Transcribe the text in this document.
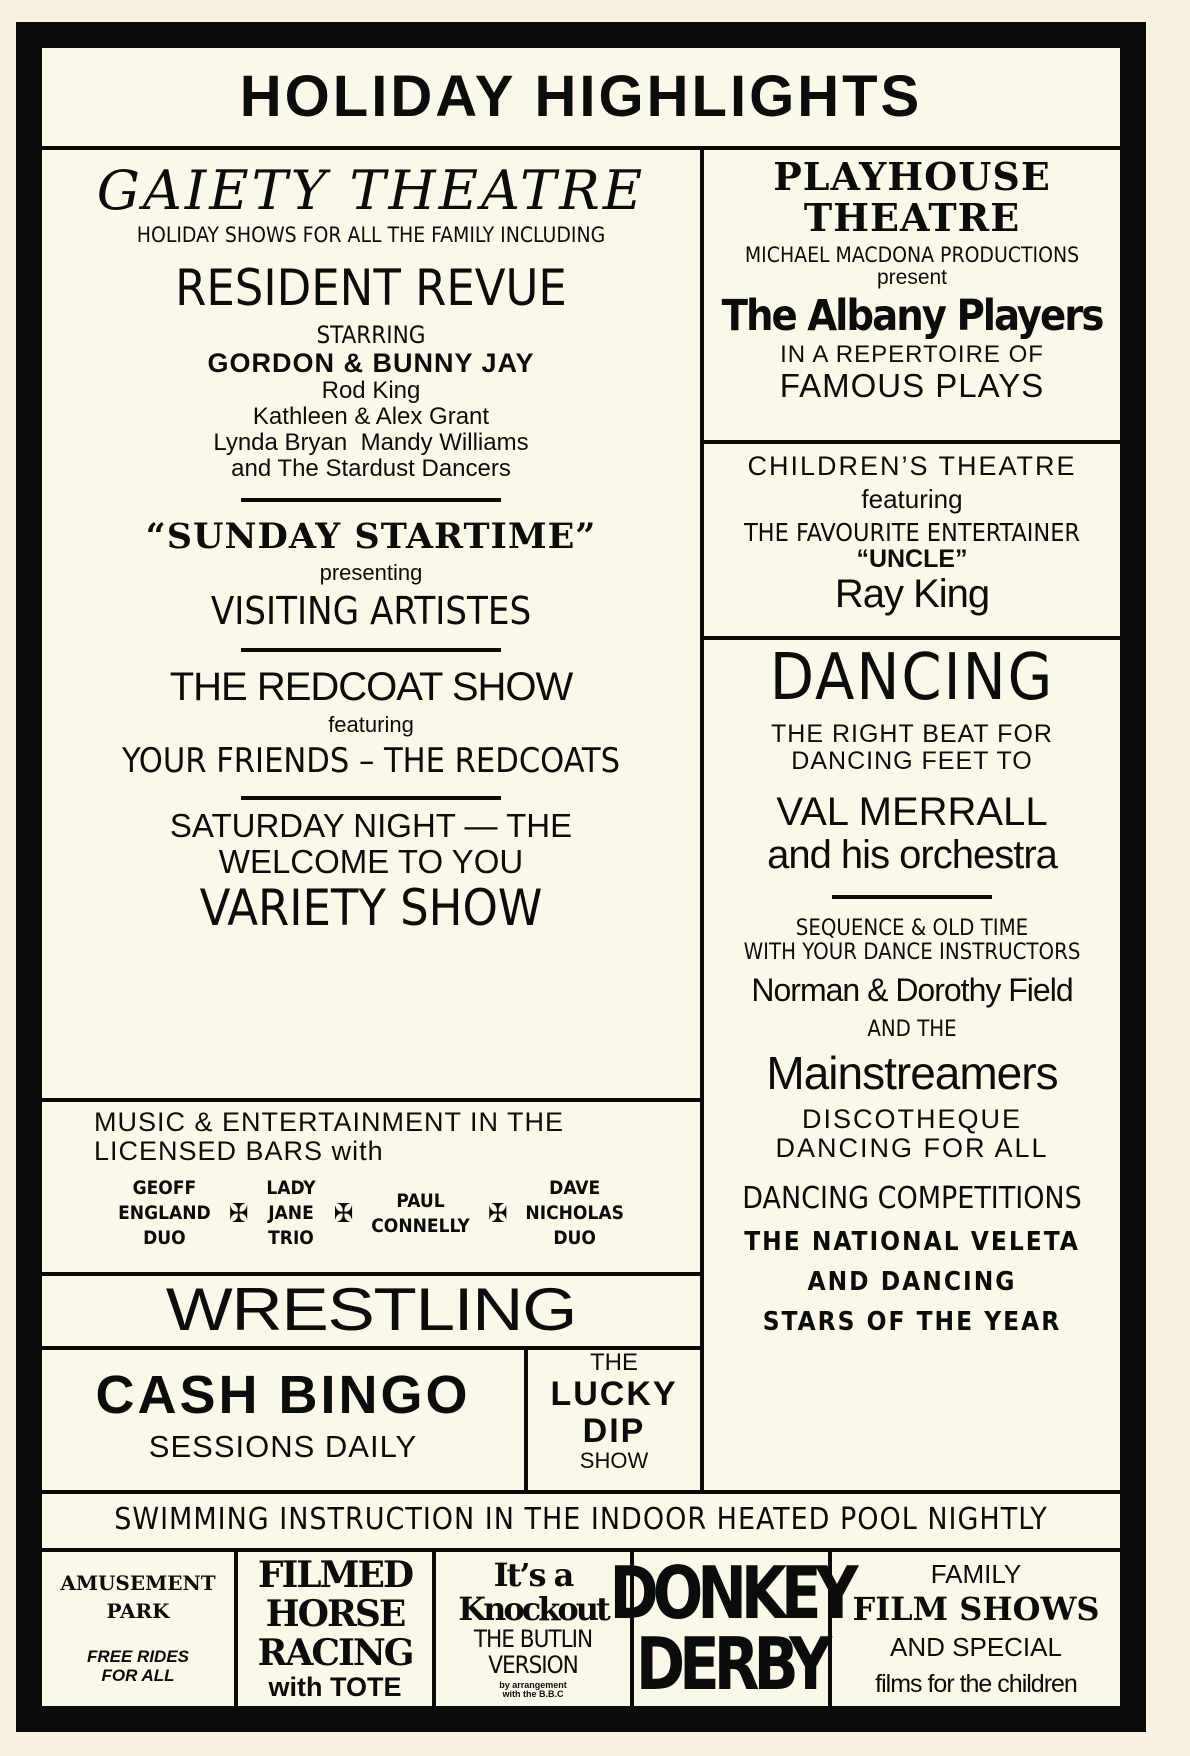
HOLIDAY HIGHLIGHTS
GAIETY THEATRE
HOLIDAY SHOWS FOR ALL THE FAMILY INCLUDING
RESIDENT REVUE
STARRING
GORDON & BUNNY JAY
Rod King
Kathleen & Alex Grant
Lynda Bryan  Mandy Williams
and The Stardust Dancers
“SUNDAY STARTIME”
presenting
VISITING ARTISTES
THE REDCOAT SHOW
featuring
YOUR FRIENDS – THE REDCOATS
SATURDAY NIGHT — THE
WELCOME TO YOU
VARIETY SHOW
MUSIC & ENTERTAINMENT IN THE
LICENSED BARS with
GEOFF
ENGLAND
DUO
✠
LADY
JANE
TRIO
✠	PAUL
CONNELLY ✠
DAVE
NICHOLAS
DUO
WRESTLING
CASH BINGO
SESSIONS DAILY
THE
LUCKY
DIP
SHOW
PLAYHOUSE
THEATRE
MICHAEL MACDONA PRODUCTIONS
present
The Albany Players
IN A REPERTOIRE OF
FAMOUS PLAYS
CHILDREN’S THEATRE
featuring
THE FAVOURITE ENTERTAINER
“UNCLE”
Ray King
DANCING
THE RIGHT BEAT FOR
DANCING FEET TO
VAL MERRALL
and his orchestra
SEQUENCE & OLD TIME
WITH YOUR DANCE INSTRUCTORS
Norman & Dorothy Field
AND THE
Mainstreamers
DISCOTHEQUE
DANCING FOR ALL
DANCING COMPETITIONS
THE NATIONAL VELETA
AND DANCING
STARS OF THE YEAR
SWIMMING INSTRUCTION IN THE INDOOR HEATED POOL NIGHTLY
AMUSEMENT
PARK
FREE RIDES
FOR ALL
FILMED
HORSE
RACING
with TOTE
It’s a
Knockout
THE BUTLIN
VERSION
by arrangement
with the B.B.C
DONKEY
DERBY
FAMILY
FILM SHOWS
AND SPECIAL
films for the children
